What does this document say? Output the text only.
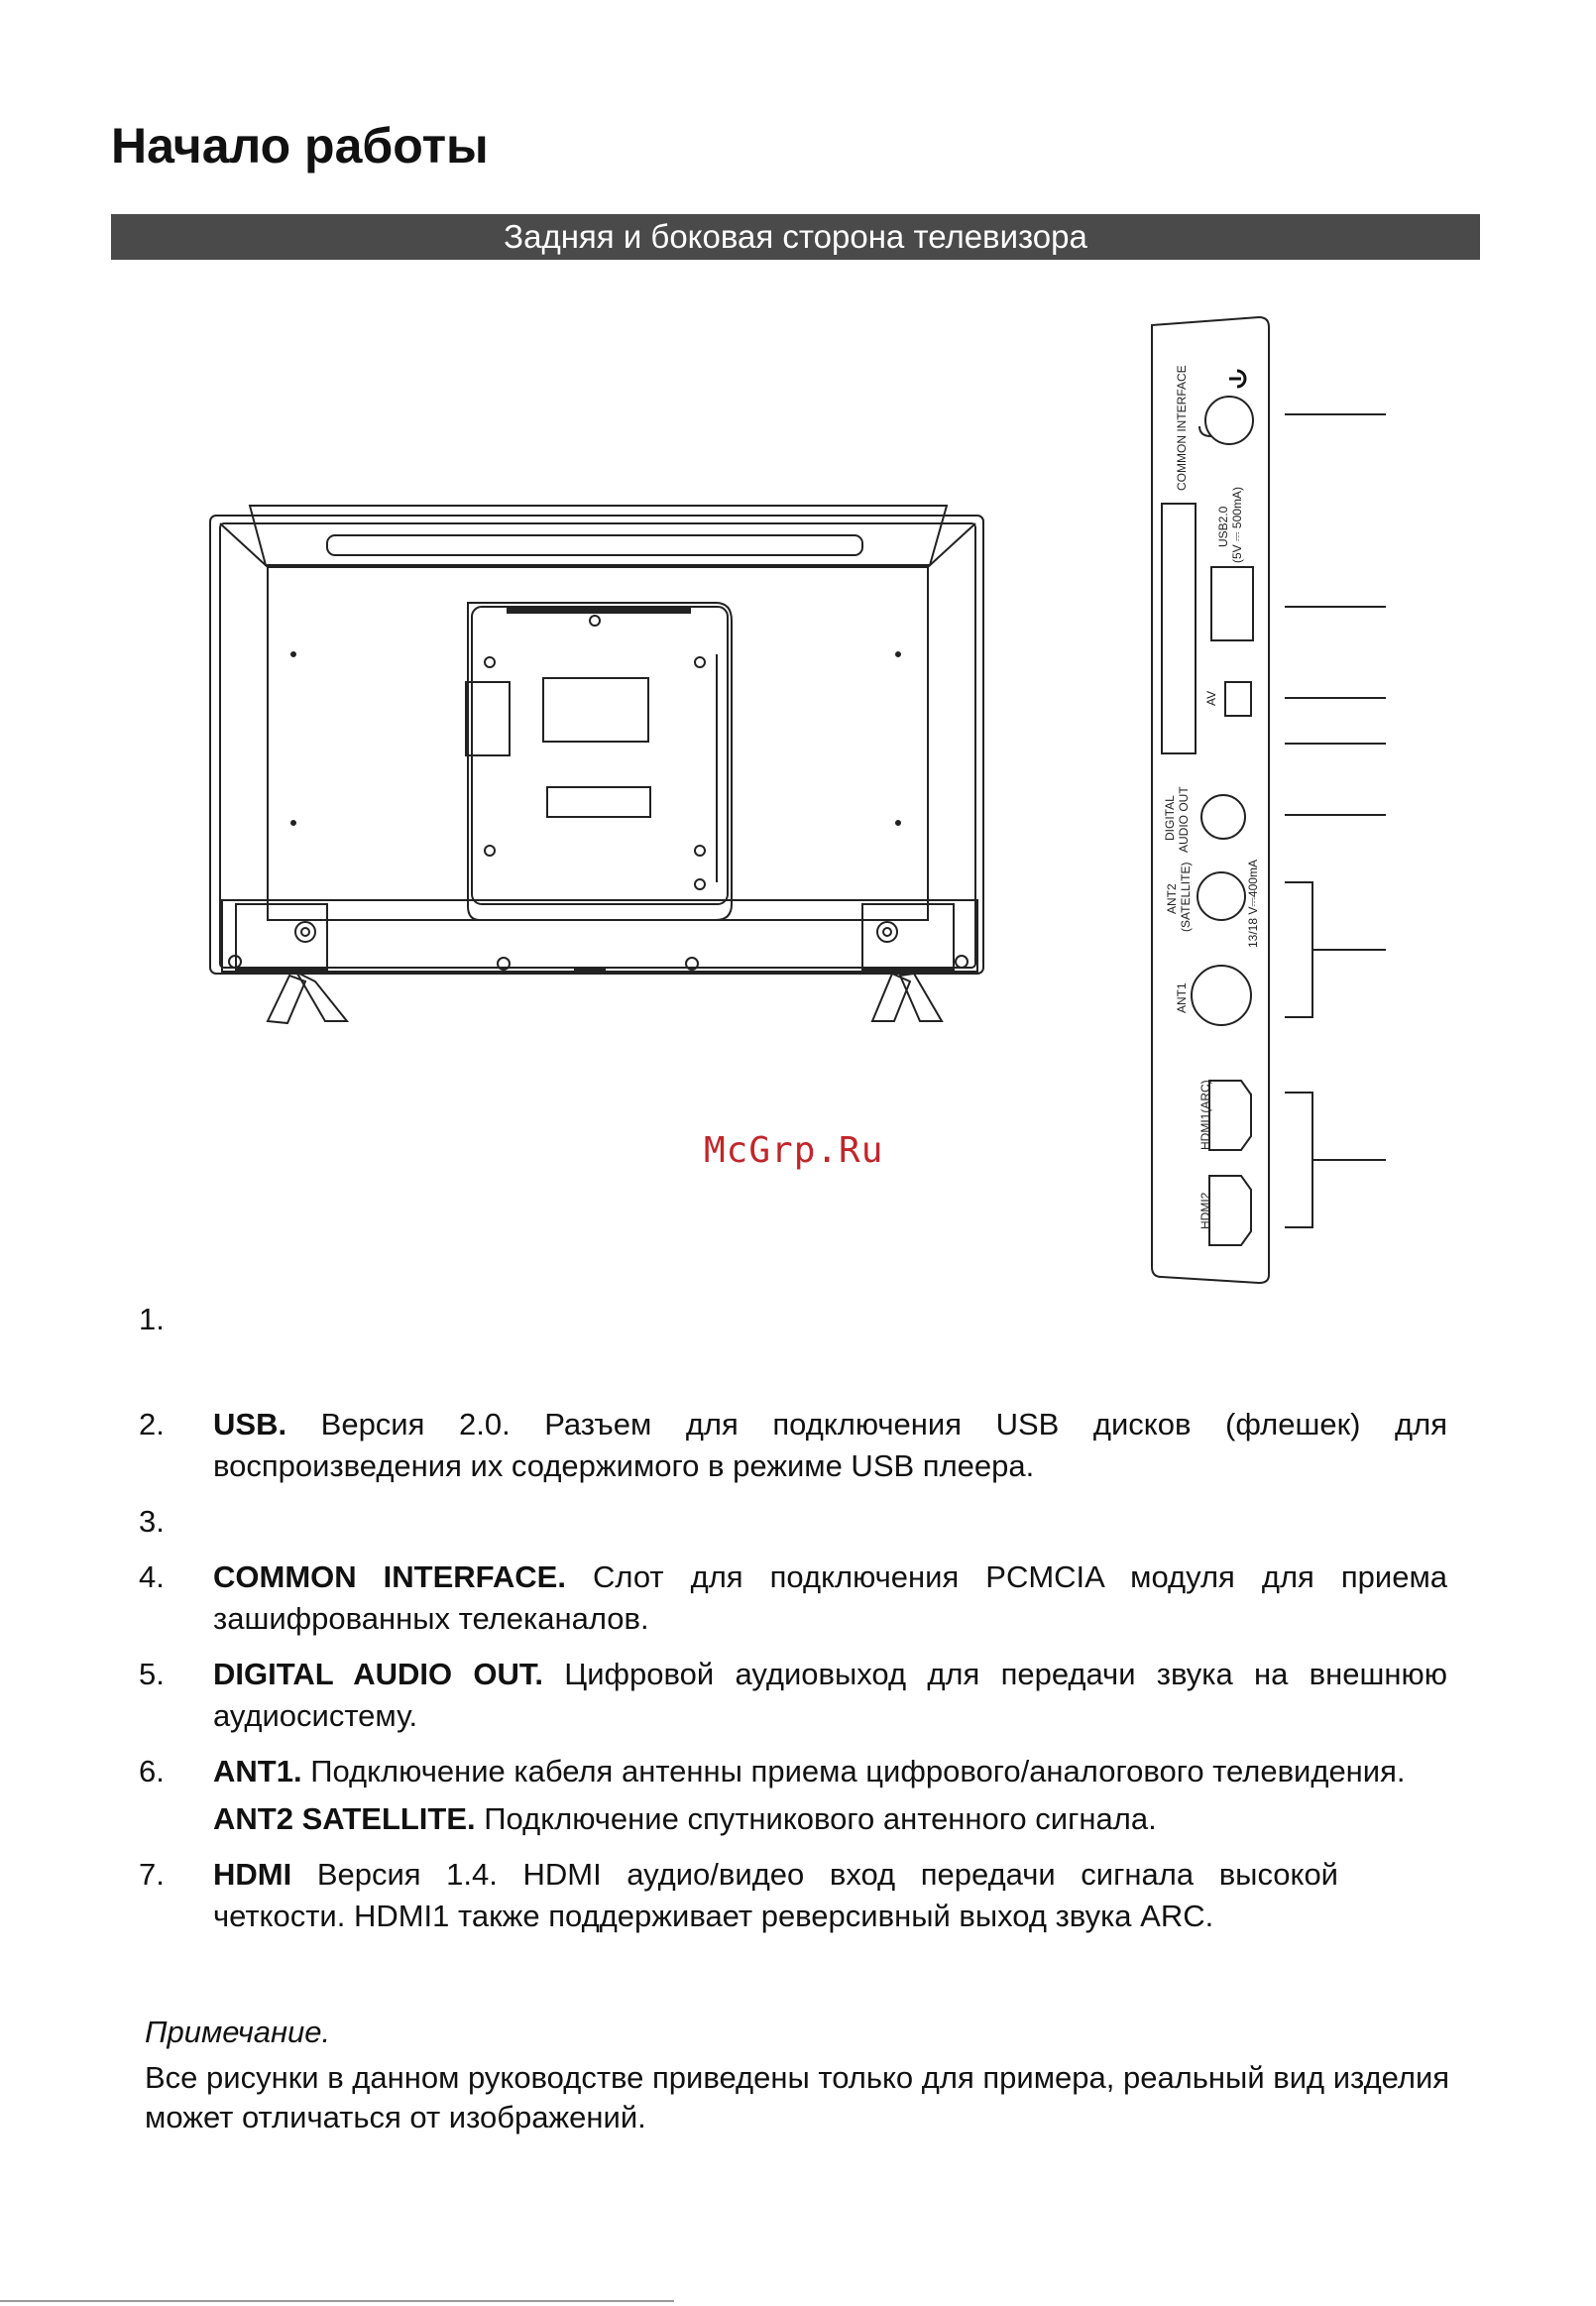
Начало работы
Задняя и боковая сторона телевизора
COMMON INTERFACE
USB2.0 (5V ⎓ 500mA)
AV
DIGITAL AUDIO OUT
ANT2 (SATELLITE)	13/18 V⎓400mA
ANT1
HDMI1(ARC)
HDMI2
McGrp.Ru
1.
2. USB. Версия 2.0. Разъем для подключения USB дисков (флешек) для воспроизведения их содержимого в режиме USB плеера.
3.

4. COMMON INTERFACE. Слот для подключения PCMCIA модуля для приема зашифрованных телеканалов.
5. DIGITAL AUDIO OUT. Цифровой аудиовыход для передачи звука на внешнюю аудиосистему.
6. ANT1. Подключение кабеля антенны приема цифрового/аналогового телевидения.
ANT2 SATELLITE. Подключение спутникового антенного сигнала.
7. HDMI Версия 1.4. HDMI аудио/видео вход передачи сигнала высокой четкости. HDMI1 также поддерживает реверсивный выход звука ARC.
Примечание.
Все рисунки в данном руководстве приведены только для примера, реальный вид изделия может отличаться от изображений.
